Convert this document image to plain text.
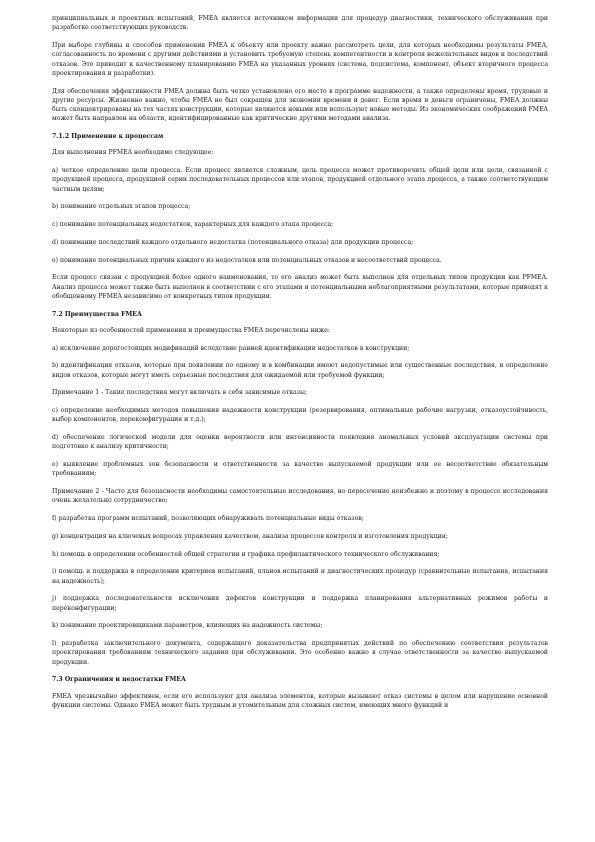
принципиальных и проектных испытаний, FMEA является источником информации для процедур диагностики, технического обслуживания при разработке соответствующих руководств.

При выборе глубины и способов применения FMEA к объекту или проекту важно рассмотреть цели, для которых необходимы результаты FMEA, согласованность по времени с другими действиями и установить требуемую степень компетентности и контроля нежелательных видов и последствий отказов. Это приводит к качественному планированию FMEA на указанных уровнях (система, подсистема, компонент, объект вторичного процесса проектирования и разработки).

Для обеспечения эффективности FMEA должна быть четко установлено его место в программе надежности, а также определены время, трудовые и другие ресурсы. Жизненно важно, чтобы FMEA не был сокращен для экономии времени и денег. Если время и деньги ограничены, FMEA должны быть сконцентрированы на тех частях конструкции, которые являются новыми или используют новые методы. Из экономических соображений FMEA может быть направлен на области, идентифицированные как критические другими методами анализа.

7.1.2 Применение к процессам

Для выполнения PFMEA необходимо следующее:

а) четкое определение цели процесса. Если процесс является сложным, цель процесса может противоречить общей цели или цели, связанной с продукцией процесса, продукцией серии последовательных процессов или этапов, продукцией отдельного этапа процесса, а также соответствующим частным целям;

b) понимание отдельных этапов процесса;

c) понимание потенциальных недостатков, характерных для каждого этапа процесса;

d) понимание последствий каждого отдельного недостатка (потенциального отказа) для продукции процесса;

e) понимание потенциальных причин каждого из недостатков или потенциальных отказов и несоответствий процесса.

Если процесс связан с продукцией более одного наименования, то его анализ может быть выполнен для отдельных типов продукции как PFMEA. Анализ процесса может также быть выполнен в соответствии с его этапами и потенциальными неблагоприятными результатами, которые приводят к обобщенному PFMEA независимо от конкретных типов продукции.

7.2 Преимущества FMEA

Некоторые из особенностей применения и преимущества FMEA перечислены ниже:

а) исключение дорогостоящих модификаций вследствие ранней идентификации недостатков в конструкции;

b) идентификация отказов, которые при появлении по одному и в комбинации имеют недопустимые или существенные последствия, и определение видов отказов, которые могут иметь серьезные последствия для ожидаемой или требуемой функции;

Примечание 1 - Такие последствия могут включать в себя зависимые отказы;

c) определение необходимых методов повышения надежности конструкции (резервирования, оптимальные рабочие нагрузки, отказоустойчивость, выбор компонентов, переконфигурация и т.д.);

d) обеспечение логической модели для оценки вероятности или интенсивности появления аномальных условий эксплуатации системы при подготовке к анализу критичности;

e) выявление проблемных зон безопасности и ответственности за качество выпускаемой продукции или ее несоответствие обязательным требованиям;

Примечание 2 - Часто для безопасности необходимы самостоятельные исследования, но пересечение неизбежно и поэтому в процессе исследования очень желательно сотрудничество;

f) разработка программ испытаний, позволяющих обнаруживать потенциальные виды отказов;

g) концентрация на ключевых вопросах управления качеством, анализа процессов контроля и изготовления продукции;

h) помощь в определении особенностей общей стратегии и графика профилактического технического обслуживания;

i) помощь и поддержка в определении критериев испытаний, планов испытаний и диагностических процедур (сравнительные испытания, испытания на надежность);

j) поддержка последовательности исключения дефектов конструкции и поддержка планирования альтернативных режимов работы и переконфигурации;

k) понимание проектировщиками параметров, влияющих на надежность системы;

l) разработка заключительного документа, содержащего доказательства предпринятых действий по обеспечению соответствия результатов проектирования требованиям технического задания при обслуживании. Это особенно важно в случае ответственности за качество выпускаемой продукции.

7.3 Ограничения и недостатки FMEA

FMEA чрезвычайно эффективен, если его используют для анализа элементов, которые вызывают отказ системы в целом или нарушение основной функции системы. Однако FMEA может быть трудным и утомительным для сложных систем, имеющих много функций и
